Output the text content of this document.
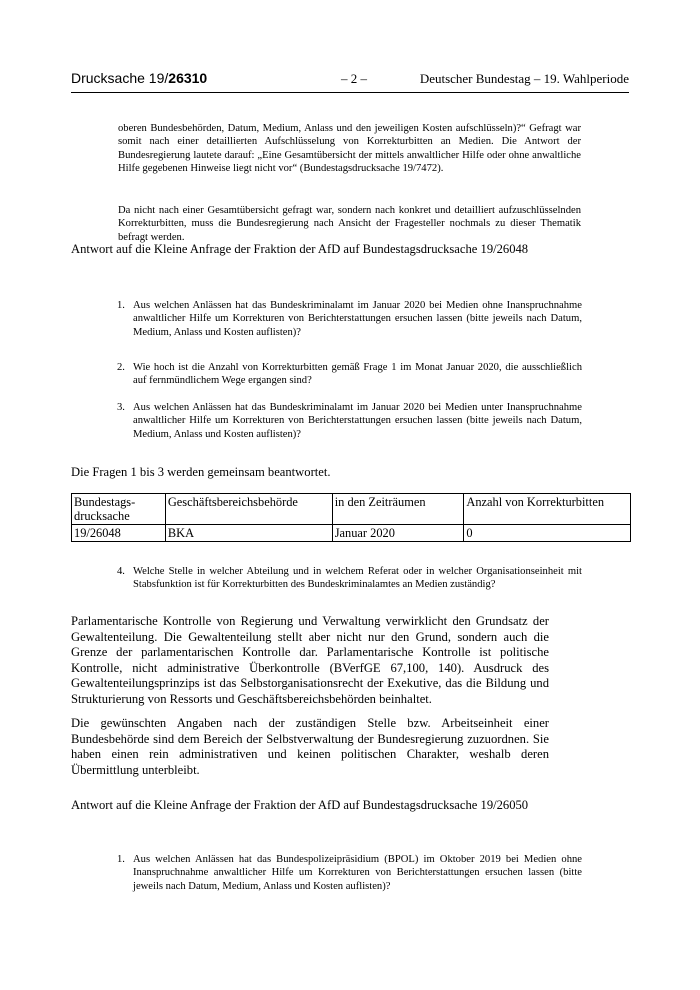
Drucksache 19/26310	– 2 –	Deutscher Bundestag – 19. Wahlperiode

oberen Bundesbehörden, Datum, Medium, Anlass und den jeweiligen Kosten aufschlüsseln)?“ Gefragt war somit nach einer detaillierten Aufschlüsselung von Korrekturbitten an Medien. Die Antwort der Bundesregierung lautete darauf: „Eine Gesamtübersicht der mittels anwaltlicher Hilfe oder ohne anwaltliche Hilfe gegebenen Hinweise liegt nicht vor“ (Bundestagsdrucksache 19/7472).

Da nicht nach einer Gesamtübersicht gefragt war, sondern nach konkret und detailliert aufzuschlüsselnden Korrekturbitten, muss die Bundesregierung nach Ansicht der Fragesteller nochmals zu dieser Thematik befragt werden.

Antwort auf die Kleine Anfrage der Fraktion der AfD auf Bundestagsdrucksache 19/26048

1. Aus welchen Anlässen hat das Bundeskriminalamt im Januar 2020 bei Medien ohne Inanspruchnahme anwaltlicher Hilfe um Korrekturen von Berichterstattungen ersuchen lassen (bitte jeweils nach Datum, Medium, Anlass und Kosten auflisten)?
2. Wie hoch ist die Anzahl von Korrekturbitten gemäß Frage 1 im Monat Januar 2020, die ausschließlich auf fernmündlichem Wege ergangen sind?
3. Aus welchen Anlässen hat das Bundeskriminalamt im Januar 2020 bei Medien unter Inanspruchnahme anwaltlicher Hilfe um Korrekturen von Berichterstattungen ersuchen lassen (bitte jeweils nach Datum, Medium, Anlass und Kosten auflisten)?

Die Fragen 1 bis 3 werden gemeinsam beantwortet.

Bundestagsdrucksache	Geschäftsbereichsbehörde	in den Zeiträumen	Anzahl von Korrekturbitten
19/26048	BKA	Januar 2020	0
4. Welche Stelle in welcher Abteilung und in welchem Referat oder in welcher Organisationseinheit mit Stabsfunktion ist für Korrekturbitten des Bundeskriminalamtes an Medien zuständig?

Parlamentarische Kontrolle von Regierung und Verwaltung verwirklicht den Grundsatz der Gewaltenteilung. Die Gewaltenteilung stellt aber nicht nur den Grund, sondern auch die Grenze der parlamentarischen Kontrolle dar. Parlamentarische Kontrolle ist politische Kontrolle, nicht administrative Überkontrolle (BVerfGE 67,100, 140). Ausdruck des Gewaltenteilungsprinzips ist das Selbstorganisationsrecht der Exekutive, das die Bildung und Strukturierung von Ressorts und Geschäftsbereichsbehörden beinhaltet.

Die gewünschten Angaben nach der zuständigen Stelle bzw. Arbeitseinheit einer Bundesbehörde sind dem Bereich der Selbstverwaltung der Bundesregierung zuzuordnen. Sie haben einen rein administrativen und keinen politischen Charakter, weshalb deren Übermittlung unterbleibt.

Antwort auf die Kleine Anfrage der Fraktion der AfD auf Bundestagsdrucksache 19/26050

1. Aus welchen Anlässen hat das Bundespolizeipräsidium (BPOL) im Oktober 2019 bei Medien ohne Inanspruchnahme anwaltlicher Hilfe um Korrekturen von Berichterstattungen ersuchen lassen (bitte jeweils nach Datum, Medium, Anlass und Kosten auflisten)?
